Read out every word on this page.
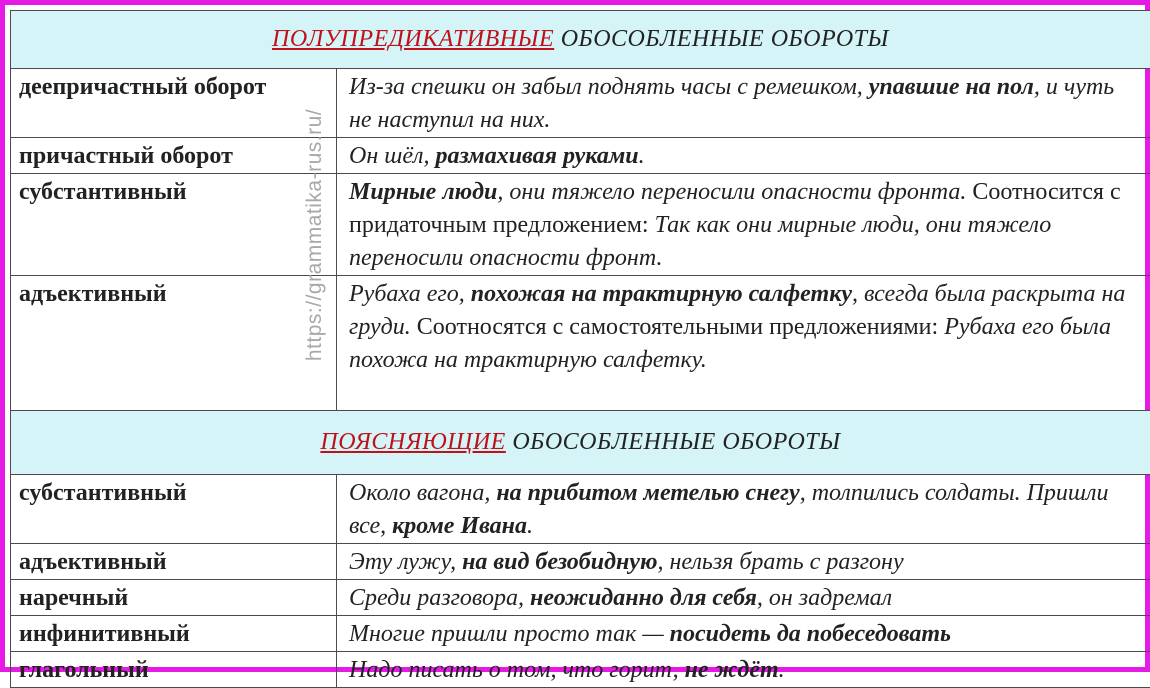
ПОЛУПРЕДИКАТИВНЫЕ ОБОСОБЛЕННЫЕ ОБОРОТЫ	
деепричастный оборот	Из-за спешки он забыл поднять часы с ремешком, упавшие на пол, и чуть не наступил на них.
причастный оборот	Он шёл, размахивая руками.
субстантивный	Мирные люди, они тяжело переносили опасности фронта. Соотносится с придаточным предложением: Так как они мирные люди, они тяжело переносили опасности фронт.
адъективный	Рубаха его, похожая на трактирную салфетку, всегда была раскрыта на груди. Соотносятся с самостоятельными предложениями: Рубаха его была похожа на трактирную салфетку.
ПОЯСНЯЮЩИЕ ОБОСОБЛЕННЫЕ ОБОРОТЫ	
субстантивный	Около вагона, на прибитом метелью снегу, толпились солдаты. Пришли все, кроме Ивана.
адъективный	Эту лужу, на вид безобидную, нельзя брать с разгону
наречный	Среди разговора, неожиданно для себя, он задремал
инфинитивный	Многие пришли просто так — посидеть да побеседовать
глагольный	Надо писать о том, что горит, не ждёт.
https://grammatika-rus.ru/
